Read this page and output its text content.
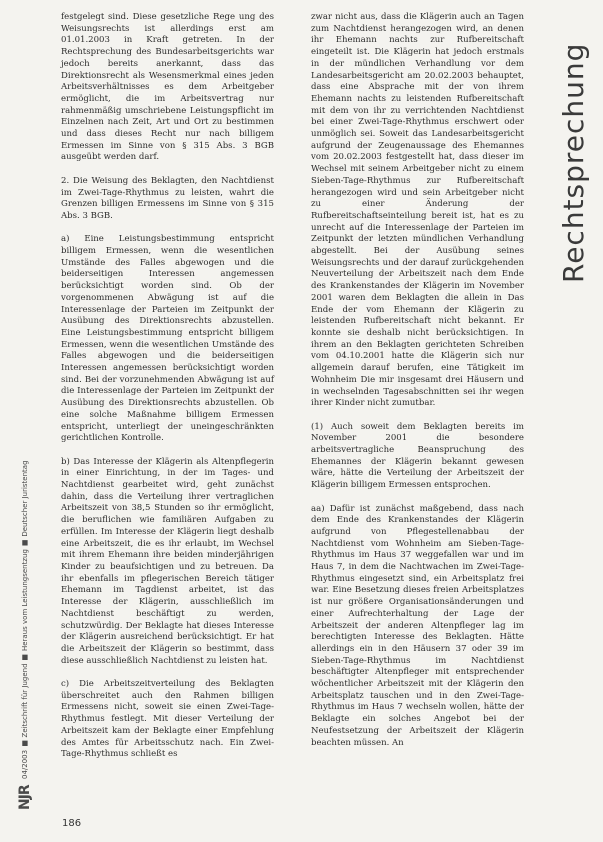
festgelegt sind. Diese gesetzliche Rege ung des Weisungsrechts ist allerdings erst am 01.01.2003 in Kraft getreten. In der Rechtsprechung des Bundesarbeitsgerichts war jedoch bereits anerkannt, dass das Direktionsrecht als Wesensmerkmal eines jeden Arbeitsverhältnisses es dem Arbeitgeber ermöglicht, die im Arbeitsvertrag nur rahmenmäßig umschriebene Leistungspflicht im Einzelnen nach Zeit, Art und Ort zu bestimmen und dass dieses Recht nur nach billigem Ermessen im Sinne von § 315 Abs. 3 BGB ausgeübt werden darf.

2. Die Weisung des Beklagten, den Nachtdienst im Zwei-Tage-Rhythmus zu leisten, wahrt die Grenzen billigen Ermessens im Sinne von § 315 Abs. 3 BGB.

a) Eine Leistungsbestimmung entspricht billigem Ermessen, wenn die wesentlichen Umstände des Falles abgewogen und die beiderseitigen Interessen angemessen berücksichtigt worden sind. Ob der vorgenommenen Abwägung ist auf die Interessenlage der Parteien im Zeitpunkt der Ausübung des Direktionsrechts abzustellen. Eine Leistungsbestimmung entspricht billigem Ermessen, wenn die wesentlichen Umstände des Falles abgewogen und die beiderseitigen Interessen angemessen berücksichtigt worden sind. Bei der vorzunehmenden Abwägung ist auf die Interessenlage der Parteien im Zeitpunkt der Ausübung des Direktionsrechts abzustellen. Ob eine solche Maßnahme billigem Ermessen entspricht, unterliegt der uneingeschränkten gerichtlichen Kontrolle.

b) Das Interesse der Klägerin als Altenpflegerin in einer Einrichtung, in der im Tages- und Nachtdienst gearbeitet wird, geht zunächst dahin, dass die Verteilung ihrer vertraglichen Arbeitszeit von 38,5 Stunden so ihr ermöglicht, die beruflichen wie familiären Aufgaben zu erfüllen. Im Interesse der Klägerin liegt deshalb eine Arbeitszeit, die es ihr erlaubt, im Wechsel mit ihrem Ehemann ihre beiden minderjährigen Kinder zu beaufsichtigen und zu betreuen. Da ihr ebenfalls im pflegerischen Bereich tätiger Ehemann im Tagdienst arbeitet, ist das Interesse der Klägerin, ausschließlich im Nachtdienst beschäftigt zu werden, schutzwürdig. Der Beklagte hat dieses Interesse der Klägerin ausreichend berücksichtigt. Er hat die Arbeitszeit der Klägerin so bestimmt, dass diese ausschließlich Nachtdienst zu leisten hat.

c) Die Arbeitszeitverteilung des Beklagten überschreitet auch den Rahmen billigen Ermessens nicht, soweit sie einen Zwei-Tage-Rhythmus festlegt. Mit dieser Verteilung der Arbeitszeit kam der Beklagte einer Empfehlung des Amtes für Arbeitsschutz nach. Ein Zwei-Tage-Rhythmus schließt es

zwar nicht aus, dass die Klägerin auch an Tagen zum Nachtdienst herangezogen wird, an denen ihr Ehemann nachts zur Rufbereitschaft eingeteilt ist. Die Klägerin hat jedoch erstmals in der mündlichen Verhandlung vor dem Landesarbeitsgericht am 20.02.2003 behauptet, dass eine Absprache mit der von ihrem Ehemann nachts zu leistenden Rufbereitschaft mit dem von ihr zu verrichtenden Nachtdienst bei einer Zwei-Tage-Rhythmus erschwert oder unmöglich sei. Soweit das Landesarbeitsgericht aufgrund der Zeugenaussage des Ehemannes vom 20.02.2003 festgestellt hat, dass dieser im Wechsel mit seinem Arbeitgeber nicht zu einem Sieben-Tage-Rhythmus zur Rufbereitschaft herangezogen wird und sein Arbeitgeber nicht zu einer Änderung der Rufbereitschaftseinteilung bereit ist, hat es zu unrecht auf die Interessenlage der Parteien im Zeitpunkt der letzten mündlichen Verhandlung abgestellt. Bei der Ausübung seines Weisungsrechts und der darauf zurückgehenden Neuverteilung der Arbeitszeit nach dem Ende des Krankenstandes der Klägerin im November 2001 waren dem Beklagten die allein in Das Ende der vom Ehemann der Klägerin zu leistenden Rufbereitschaft nicht bekannt. Er konnte sie deshalb nicht berücksichtigen. In ihrem an den Beklagten gerichteten Schreiben vom 04.10.2001 hatte die Klägerin sich nur allgemein darauf berufen, eine Tätigkeit im Wohnheim Die mir insgesamt drei Häusern und in wechselnden Tagesabschnitten sei ihr wegen ihrer Kinder nicht zumutbar.

(1) Auch soweit dem Beklagten bereits im November 2001 die besondere arbeitsvertragliche Beanspruchung des Ehemannes der Klägerin bekannt gewesen wäre, hätte die Verteilung der Arbeitszeit der Klägerin billigem Ermessen entsprochen.

aa) Dafür ist zunächst maßgebend, dass nach dem Ende des Krankenstandes der Klägerin aufgrund von Pflegestellenabbau der Nachtdienst vom Wohnheim am Sieben-Tage-Rhythmus im Haus 37 weggefallen war und im Haus 7, in dem die Nachtwachen im Zwei-Tage-Rhythmus eingesetzt sind, ein Arbeitsplatz frei war. Eine Besetzung dieses freien Arbeitsplatzes ist nur größere Organisationsänderungen und einer Aufrechterhaltung der Lage der Arbeitszeit der anderen Altenpfleger lag im berechtigten Interesse des Beklagten. Hätte allerdings ein in den Häusern 37 oder 39 im Sieben-Tage-Rhythmus im Nachtdienst beschäftigter Altenpfleger mit entsprechender wöchentlicher Arbeitszeit mit der Klägerin den Arbeitsplatz tauschen und in den Zwei-Tage-Rhythmus im Haus 7 wechseln wollen, hätte der Beklagte ein solches Angebot bei der Neufestsetzung der Arbeitszeit der Klägerin beachten müssen. An

Rechtsprechung
NJR
04/2003 ■ Zeitschrift für Jugend ■ Heraus vom Leistungsentzug ■ Deutscher Juristentag
186
